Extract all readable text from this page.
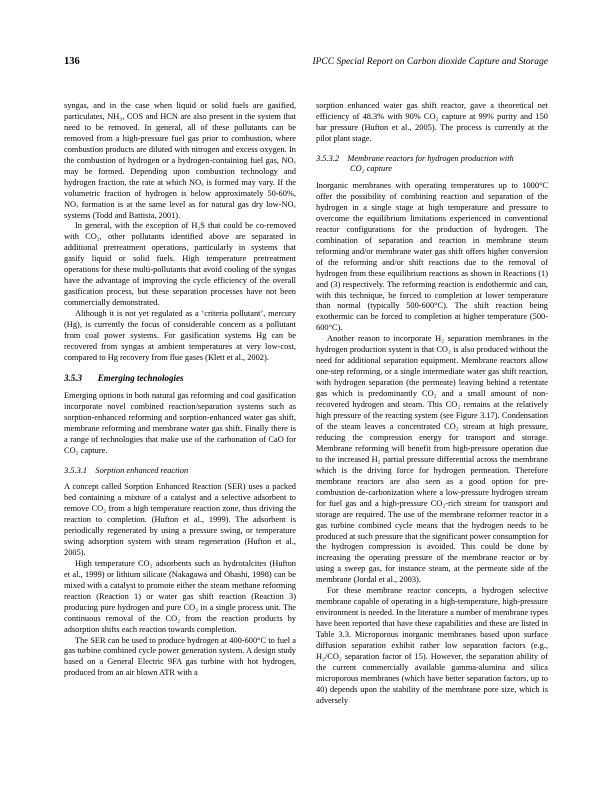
136	IPCC Special Report on Carbon dioxide Capture and Storage

syngas, and in the case when liquid or solid fuels are gasified, particulates, NH₃, COS and HCN are also present in the system that need to be removed. In general, all of these pollutants can be removed from a high-pressure fuel gas prior to combustion, where combustion products are diluted with nitrogen and excess oxygen. In the combustion of hydrogen or a hydrogen-containing fuel gas, NOₓ may be formed. Depending upon combustion technology and hydrogen fraction, the rate at which NOₓ is formed may vary. If the volumetric fraction of hydrogen is below approximately 50-60%, NOₓ formation is at the same level as for natural gas dry low-NOₓ systems (Todd and Battista, 2001).

In general, with the exception of H₂S that could be co-removed with CO₂, other pollutants identified above are separated in additional pretreatment operations, particularly in systems that gasify liquid or solid fuels. High temperature pretreatment operations for these multi-pollutants that avoid cooling of the syngas have the advantage of improving the cycle efficiency of the overall gasification process, but these separation processes have not been commercially demonstrated.

Although it is not yet regulated as a ‘criteria pollutant’, mercury (Hg), is currently the focus of considerable concern as a pollutant from coal power systems. For gasification systems Hg can be recovered from syngas at ambient temperatures at very low-cost, compared to Hg recovery from flue gases (Klett et al., 2002).

3.5.3 Emerging technologies

Emerging options in both natural gas reforming and coal gasification incorporate novel combined reaction/separation systems such as sorption-enhanced reforming and sorption-enhanced water gas shift, membrane reforming and membrane water gas shift. Finally there is a range of technologies that make use of the carbonation of CaO for CO₂ capture.

3.5.3.1 Sorption enhanced reaction

A concept called Sorption Enhanced Reaction (SER) uses a packed bed containing a mixture of a catalyst and a selective adsorbent to remove CO₂ from a high temperature reaction zone, thus driving the reaction to completion. (Hufton et al., 1999). The adsorbent is periodically regenerated by using a pressure swing, or temperature swing adsorption system with steam regeneration (Hufton et al., 2005).

High temperature CO₂ adsorbents such as hydrotalcites (Hufton et al., 1999) or lithium silicate (Nakagawa and Ohashi, 1998) can be mixed with a catalyst to promote either the steam methane reforming reaction (Reaction 1) or water gas shift reaction (Reaction 3) producing pure hydrogen and pure CO₂ in a single process unit. The continuous removal of the CO₂ from the reaction products by adsorption shifts each reaction towards completion.

The SER can be used to produce hydrogen at 400-600°C to fuel a gas turbine combined cycle power generation system. A design study based on a General Electric 9FA gas turbine with hot hydrogen, produced from an air blown ATR with a

sorption enhanced water gas shift reactor, gave a theoretical net efficiency of 48.3% with 90% CO₂ capture at 99% purity and 150 bar pressure (Hufton et al., 2005). The process is currently at the pilot plant stage.

3.5.3.2 Membrane reactors for hydrogen production with
CO₂ capture

Inorganic membranes with operating temperatures up to 1000°C offer the possibility of combining reaction and separation of the hydrogen in a single stage at high temperature and pressure to overcome the equilibrium limitations experienced in conventional reactor configurations for the production of hydrogen. The combination of separation and reaction in membrane steam reforming and/or membrane water gas shift offers higher conversion of the reforming and/or shift reactions due to the removal of hydrogen from these equilibrium reactions as shown in Reactions (1) and (3) respectively. The reforming reaction is endothermic and can, with this technique, be forced to completion at lower temperature than normal (typically 500-600°C). The shift reaction being exothermic can be forced to completion at higher temperature (500-600°C).

Another reason to incorporate H₂ separation membranes in the hydrogen production system is that CO₂ is also produced without the need for additional separation equipment. Membrane reactors allow one-step reforming, or a single intermediate water gas shift reaction, with hydrogen separation (the permeate) leaving behind a retentate gas which is predominantly CO₂ and a small amount of non-recovered hydrogen and steam. This CO₂ remains at the relatively high pressure of the reacting system (see Figure 3.17). Condensation of the steam leaves a concentrated CO₂ stream at high pressure, reducing the compression energy for transport and storage. Membrane reforming will benefit from high-pressure operation due to the increased H₂ partial pressure differential across the membrane which is the driving force for hydrogen permeation. Therefore membrane reactors are also seen as a good option for pre-combustion de-carbonization where a low-pressure hydrogen stream for fuel gas and a high-pressure CO₂-rich stream for transport and storage are required. The use of the membrane reformer reactor in a gas turbine combined cycle means that the hydrogen needs to be produced at such pressure that the significant power consumption for the hydrogen compression is avoided. This could be done by increasing the operating pressure of the membrane reactor or by using a sweep gas, for instance steam, at the permeate side of the membrane (Jordal et al., 2003).

For these membrane reactor concepts, a hydrogen selective membrane capable of operating in a high-temperature, high-pressure environment is needed. In the literature a number of membrane types have been reported that have these capabilities and these are listed in Table 3.3. Microporous inorganic membranes based upon surface diffusion separation exhibit rather low separation factors (e.g., H₂/CO₂ separation factor of 15). However, the separation ability of the current commercially available gamma-alumina and silica microporous membranes (which have better separation factors, up to 40) depends upon the stability of the membrane pore size, which is adversely
